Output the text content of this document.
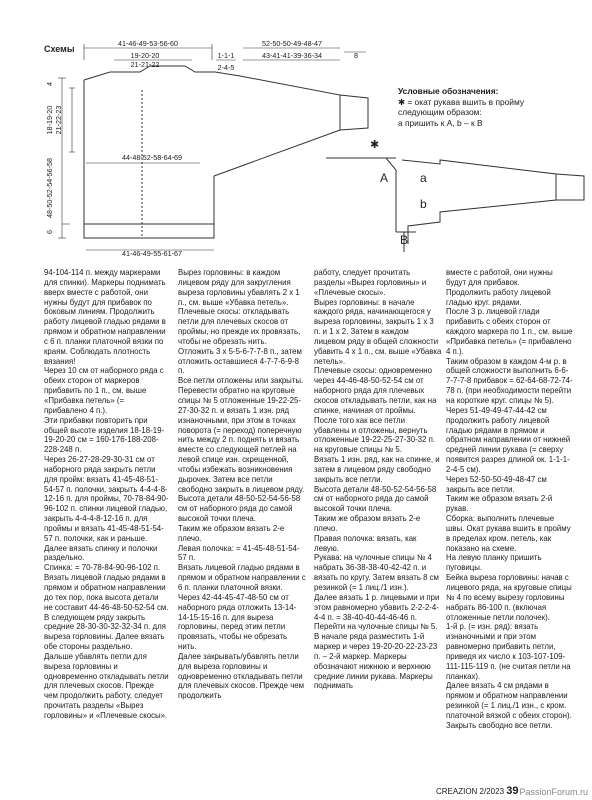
Схемы
41-46-49-53-56-60
19-20-20
21-21-22
1-1-1
2-4-5
52-50-50-49-48-47
43-41-41-39-36-34	8
44-48-52-58-64-69
41-46-49-55-61-67
4
18-19-20 21-22-23
48-50-52-54-56-58
6
✱
A	a
b
B
Условные обозначения:
✱ = окат рукава вшить в пройму
следующим образом:
а пришить к A, b – к B
94-104-114 п. между маркерами для спинки). Маркеры поднимать вверх вместе с работой, они нужны будут для прибавок по боковым линиям. Продолжить работу лицевой гладью рядами в прямом и обратном направлении с 6 п. планки платочной вязки по краям. Соблюдать плотность вязания!
Через 10 см от наборного ряда с обеих сторон от маркеров прибавить по 1 п., см. выше «Прибавка петель» (= прибавлено 4 п.).
Эти прибавки повторить при общей высоте изделия 18-18-19-19-20-20 см = 160-176-188-208-228-248 п.
Через 26-27-28-29-30-31 см от наборного ряда закрыть петли для пройм: вязать 41-45-48-51-54-57 п. полочки, закрыть 4-4-4-8-12-16 п. для проймы, 70-78-84-90-96-102 п. спинки лицевой гладью, закрыть 4-4-4-8-12-16 п. для проймы и вязать 41-45-48-51-54-57 п. полочки, как и раньше. Далее вязать спинку и полочки раздельно.
Спинка: = 70-78-84-90-96-102 п. Вязать лицевой гладью рядами в прямом и обратном направлении до тех пор, пока высота детали не составит 44-46-48-50-52-54 см.
В следующем ряду закрыть средние 28-30-30-32-32-34 п. для выреза горловины. Далее вязать обе стороны раздельно.
Дальше убавлять петли для выреза горловины и одновременно откладывать петли для плечевых скосов. Прежде чем продолжить работу, следует прочитать разделы «Вырез горловины» и «Плечевые скосы».
Вырез горловины: в каждом лицевом ряду для закругления выреза горловины убавлять 2 х 1 п., см. выше «Убавка петель».
Плечевые скосы: откладывать петли для плечевых скосов от проймы, но прежде их провязать, чтобы не обрезать нить.
Отложить 3 х 5-5-6-7-7-8 п., затем отложить оставшиеся 4-7-7-6-9-8 п.
Все петли отложены или закрыты.
Перевести обратно на круговые спицы № 5 отложенные 19-22-25-27-30-32 п. и вязать 1 изн. ряд изнаночными, при этом в точках поворота (= переход) поперечную нить между 2 п. поднять и вязать вместе со следующей петлей на левой спице изн. скрещенной, чтобы избежать возникновения дырочек. Затем все петли свободно закрыть в лицевом ряду. Высота детали 48-50-52-54-56-58 см от наборного ряда до самой высокой точки плеча.
Таким же образом вязать 2-е плечо.
Левая полочка: = 41-45-48-51-54-57 п.
Вязать лицевой гладью рядами в прямом и обратном направлении с 6 п. планки платочной вязки.
Через 42-44-45-47-48-50 см от наборного ряда отложить 13-14-14-15-15-16 п. для выреза горловины, перед этим петли провязать, чтобы не обрезать нить.
Далее закрывать/убавлять петли для выреза горловины и одновременно откладывать петли для плечевых скосов. Прежде чем продолжить
работу, следует прочитать разделы «Вырез горловины» и «Плечевые скосы».
Вырез горловины: в начале каждого ряда, начинающегося у выреза горловины, закрыть 1 х 3 п. и 1 х 2. Затем в каждом лицевом ряду в общей сложности убавить 4 х 1 п., см. выше «Убавка петель».
Плечевые скосы: одновременно через 44-46-48-50-52-54 см от наборного ряда для плечевых скосов откладывать петли, как на спинке, начиная от проймы.
После того как все петли убавлены и отложены, вернуть отложенные 19-22-25-27-30-32 п. на круговые спицы № 5.
Вязать 1 изн. ряд, как на спинке, и затем в лицевом ряду свободно закрыть все петли.
Высота детали 48-50-52-54-56-58 см от наборного ряда до самой высокой точки плеча.
Таким же образом вязать 2-е плечо.
Правая полочка: вязать, как левую.
Рукава: на чулочные спицы № 4 набрать 36-38-38-40-42-42 п. и вязать по кругу. Затем вязать 8 см резинкой (= 1 лиц./1 изн.).
Далее вязать 1 р. лицевыми и при этом равномерно убавить 2-2-2-4-4-4 п. = 38-40-40-44-46-46 п.
Перейти на чулочные спицы № 5.
В начале ряда разместить 1-й маркер и через 19-20-20-22-23-23 п. – 2-й маркер. Маркеры обозначают нижнюю и верхнюю средние линии рукава. Маркеры поднимать
вместе с работой, они нужны будут для прибавок.
Продолжить работу лицевой гладью круг. рядами.
После 3 р. лицевой глади прибавить с обеих сторон от каждого маркера по 1 п., см. выше «Прибавка петель» (= прибавлено 4 п.).
Таким образом в каждом 4-м р. в общей сложности выполнить 6-6-7-7-7-8 прибавок = 62-64-68-72-74-78 п. (при необходимости перейти на короткие круг. спицы № 5).
Через 51-49-49-47-44-42 см продолжить работу лицевой гладью рядами в прямом и обратном направлении от нижней средней линии рукава (= сверху появится разрез длиной ок. 1-1-1-2-4-5 см).
Через 52-50-50-49-48-47 см закрыть все петли.
Таким же образом вязать 2-й рукав.
Сборка: выполнить плечевые швы. Окат рукава вшить в пройму в пределах кром. петель, как показано на схеме.
На левую планку пришить пуговицы.
Бейка выреза горловины: начав с лицевого ряда, на круговые спицы № 4 по всему вырезу горловины набрать 86-100 п. (включая отложенные петли полочек).
1-й р. (= изн. ряд): вязать изнаночными и при этом равномерно прибавить петли, приведя их число к 103-107-109-111-115-119 п. (не считая петли на планках).
Далее вязать 4 см рядами в прямом и обратном направлении резинкой (= 1 лиц./1 изн., с кром. платочной вязкой с обеих сторон).
Закрыть свободно все петли.
CREAZION 2/2023 39 PassionForum.ru
